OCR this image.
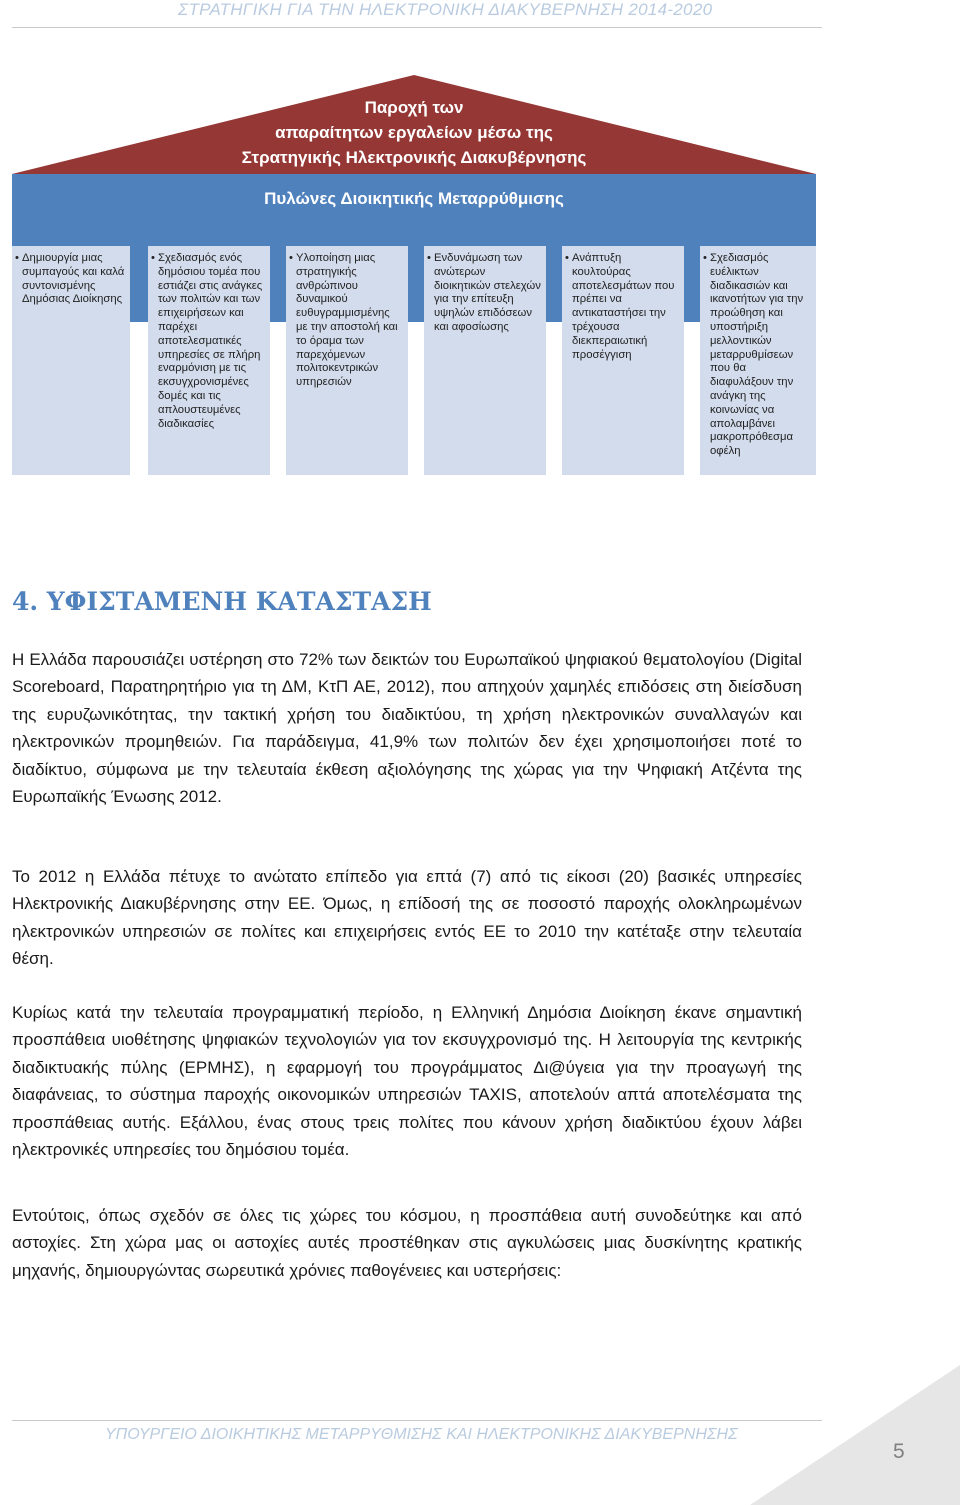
ΣΤΡΑΤΗΓΙΚΗ ΓΙΑ ΤΗΝ ΗΛΕΚΤΡΟΝΙΚΗ ΔΙΑΚΥΒΕΡΝΗΣΗ 2014-2020
Παροχή των
απαραίτητων εργαλείων μέσω της
Στρατηγικής Ηλεκτρονικής Διακυβέρνησης
Πυλώνες Διοικητικής Μεταρρύθμισης
• Δημιουργία μιας συμπαγούς και καλά συντονισμένης Δημόσιας Διοίκησης
• Σχεδιασμός ενός δημόσιου τομέα που εστιάζει στις ανάγκες των πολιτών και των επιχειρήσεων και παρέχει αποτελεσματικές υπηρεσίες σε πλήρη εναρμόνιση με τις εκσυγχρονισμένες δομές και τις απλουστευμένες διαδικασίες
• Υλοποίηση μιας στρατηγικής ανθρώπινου δυναμικού ευθυγραμμισμένης με την αποστολή και το όραμα των παρεχόμενων πολιτοκεντρικών υπηρεσιών
• Ενδυνάμωση των ανώτερων διοικητικών στελεχών για την επίτευξη υψηλών επιδόσεων και αφοσίωσης
• Ανάπτυξη κουλτούρας αποτελεσμάτων που πρέπει να αντικαταστήσει την τρέχουσα διεκπεραιωτική προσέγγιση
• Σχεδιασμός ευέλικτων διαδικασιών και ικανοτήτων για την προώθηση και υποστήριξη μελλοντικών μεταρρυθμίσεων που θα διαφυλάξουν την ανάγκη της κοινωνίας να απολαμβάνει μακροπρόθεσμα οφέλη
4. ΥΦΙΣΤΑΜΕΝΗ ΚΑΤΑΣΤΑΣΗ

Η Ελλάδα παρουσιάζει υστέρηση στο 72% των δεικτών του Ευρωπαϊκού ψηφιακού θεματολογίου (Digital Scoreboard, Παρατηρητήριο για τη ΔΜ, ΚτΠ ΑΕ, 2012), που απηχούν χαμηλές επιδόσεις στη διείσδυση της ευρυζωνικότητας, την τακτική χρήση του διαδικτύου, τη χρήση ηλεκτρονικών συναλλαγών και ηλεκτρονικών προμηθειών. Για παράδειγμα, 41,9% των πολιτών δεν έχει χρησιμοποιήσει ποτέ το διαδίκτυο, σύμφωνα με την τελευταία έκθεση αξιολόγησης της χώρας για την Ψηφιακή Ατζέντα της Ευρωπαϊκής Ένωσης 2012.

Το 2012 η Ελλάδα πέτυχε το ανώτατο επίπεδο για επτά (7) από τις είκοσι (20) βασικές υπηρεσίες Ηλεκτρονικής Διακυβέρνησης στην ΕΕ. Όμως, η επίδοσή της σε ποσοστό παροχής ολοκληρωμένων ηλεκτρονικών υπηρεσιών σε πολίτες και επιχειρήσεις εντός ΕΕ το 2010 την κατέταξε στην τελευταία θέση.

Κυρίως κατά την τελευταία προγραμματική περίοδο, η Ελληνική Δημόσια Διοίκηση έκανε σημαντική προσπάθεια υιοθέτησης ψηφιακών τεχνολογιών για τον εκσυγχρονισμό της. Η λειτουργία της κεντρικής διαδικτυακής πύλης (ΕΡΜΗΣ), η εφαρμογή του προγράμματος Δι@ύγεια για την προαγωγή της διαφάνειας, το σύστημα παροχής οικονομικών υπηρεσιών TAXIS, αποτελούν απτά αποτελέσματα της προσπάθειας αυτής. Εξάλλου, ένας στους τρεις πολίτες που κάνουν χρήση διαδικτύου έχουν λάβει ηλεκτρονικές υπηρεσίες του δημόσιου τομέα.

Εντούτοις, όπως σχεδόν σε όλες τις χώρες του κόσμου, η προσπάθεια αυτή συνοδεύτηκε και από αστοχίες. Στη χώρα μας οι αστοχίες αυτές προστέθηκαν στις αγκυλώσεις μιας δυσκίνητης κρατικής μηχανής, δημιουργώντας σωρευτικά χρόνιες παθογένειες και υστερήσεις:

ΥΠΟΥΡΓΕΙΟ ΔΙΟΙΚΗΤΙΚΗΣ ΜΕΤΑΡΡΥΘΜΙΣΗΣ ΚΑΙ ΗΛΕΚΤΡΟΝΙΚΗΣ ΔΙΑΚΥΒΕΡΝΗΣΗΣ
5
